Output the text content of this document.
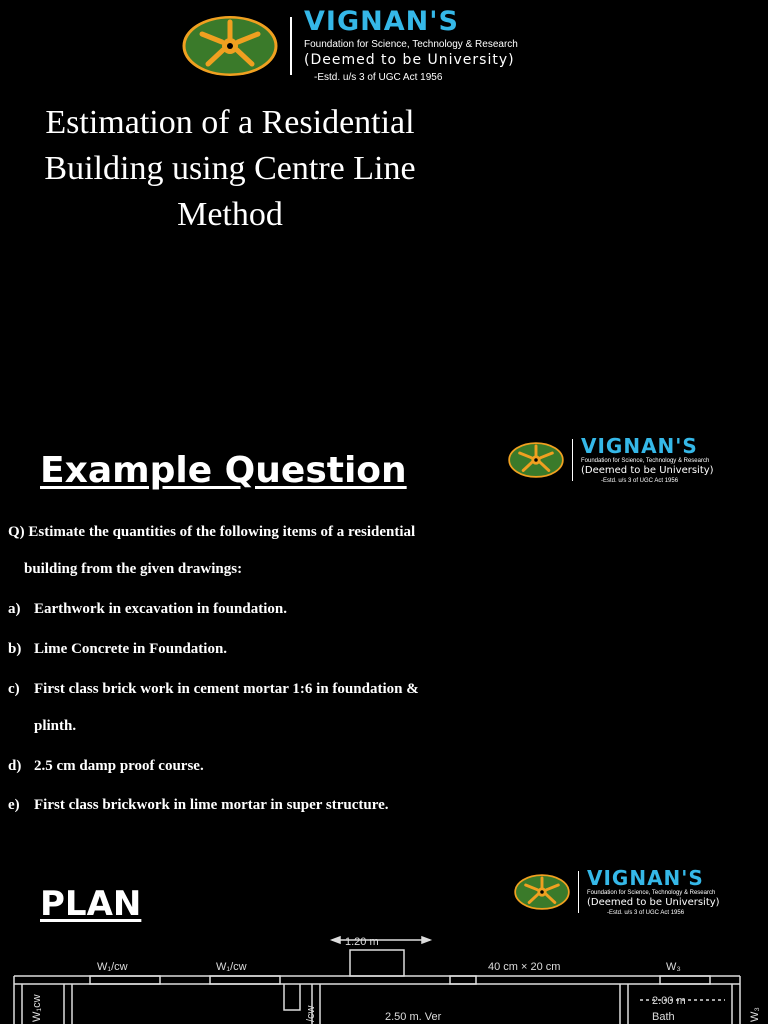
VIGNAN'S
Foundation for Science, Technology & Research
(Deemed to be University)
-Estd. u/s 3 of UGC Act 1956
Estimation of a Residential
Building using Centre Line
Method
Example Question
VIGNAN'S
Foundation for Science, Technology & Research
(Deemed to be University)
-Estd. u/s 3 of UGC Act 1956
Q) Estimate the quantities of the following items of a residential
building from the given drawings:
a) Earthwork in excavation in foundation.
b) Lime Concrete in Foundation.
c) First class brick work in cement mortar 1:6 in foundation &
plinth.
d) 2.5 cm damp proof course.
e) First class brickwork in lime mortar in super structure.
PLAN
VIGNAN'S
Foundation for Science, Technology & Research
(Deemed to be University)
-Estd. u/s 3 of UGC Act 1956
W₁/cw	W₁/cw
1.20 m
40 cm × 20 cm	W₃
2.50 m. Ver
2.00 m
Bath
W₁cw	/cw	W₃
